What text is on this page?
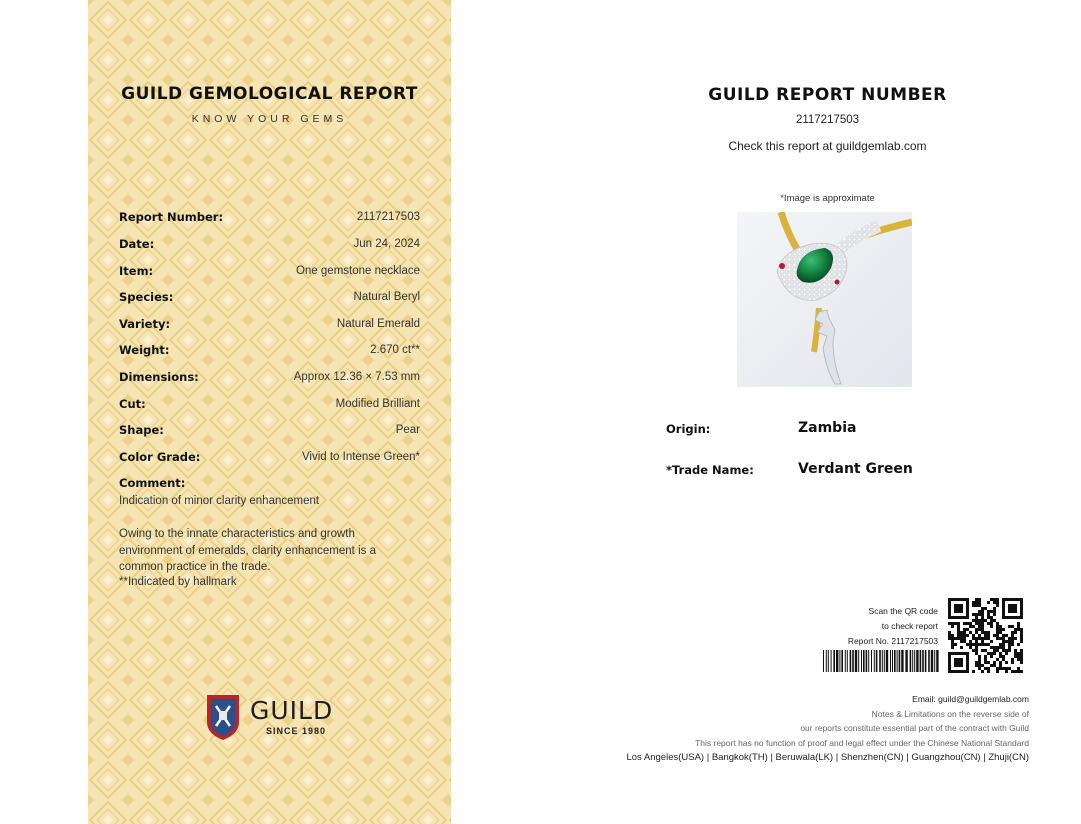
GUILD GEMOLOGICAL REPORT
KNOW YOUR GEMS
Report Number:	2117217503
Date:	Jun 24, 2024
Item:	One gemstone necklace
Species:	Natural Beryl
Variety:	Natural Emerald
Weight:	2.670 ct**
Dimensions:	Approx 12.36 × 7.53 mm
Cut:	Modified Brilliant
Shape:	Pear
Color Grade:	Vivid to Intense Green*
Comment:
Indication of minor clarity enhancement
Owing to the innate characteristics and growth environment of emeralds, clarity enhancement is a common practice in the trade.
**Indicated by hallmark
GUILD
SINCE 1980
GUILD REPORT NUMBER
2117217503
Check this report at guildgemlab.com
*Image is approximate
Origin:	Zambia
*Trade Name:	Verdant Green
Scan the QR code
to check report
Report No. 2117217503
Email: guild@guildgemlab.com
Notes & Limitations on the reverse side of
our reports constitute essential part of the contract with Guild
This report has no function of proof and legal effect under the Chinese National Standard
Los Angeles(USA) | Bangkok(TH) | Beruwala(LK) | Shenzhen(CN) | Guangzhou(CN) | Zhuji(CN)
